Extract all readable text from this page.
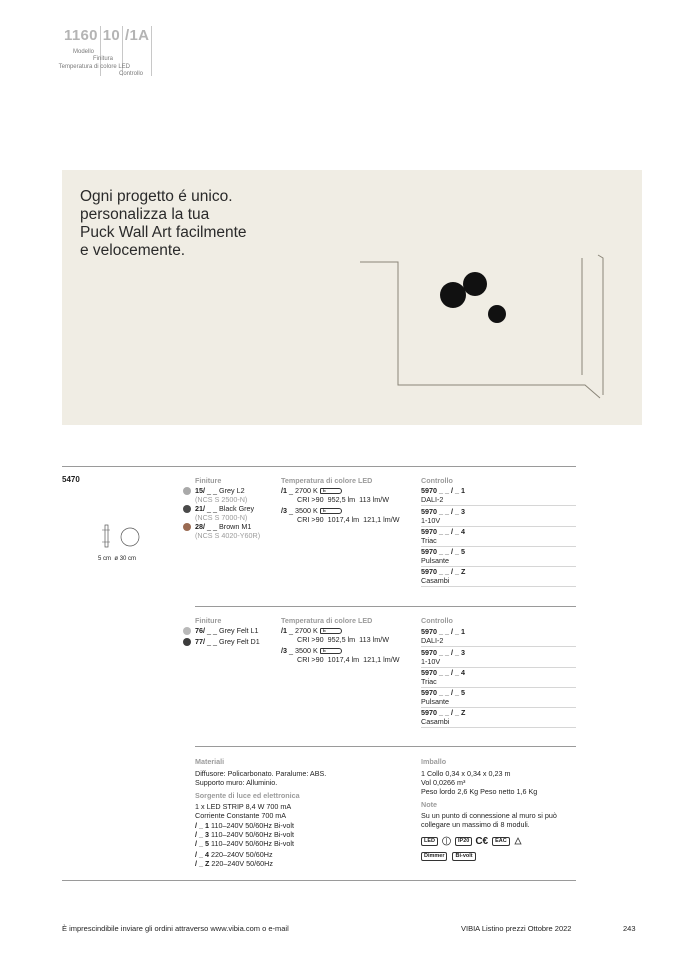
1160 10 /1A
Modello
Finitura
Temperatura di colore LED
Controllo
Ogni progetto é unico.
personalizza la tua
Puck Wall Art facilmente
e velocemente.
5470
5 cm ø 30 cm
Finiture
15/ _ _ Grey L2
(NCS S 2500-N)
21/ _ _ Black Grey
(NCS S 7000-N)
28/ _ _ Brown M1
(NCS S 4020-Y60R)
Temperatura di colore LED
/1 _ 2700 K E
CRI >90 952,5 lm 113 lm/W
/3 _ 3500 K E
CRI >90 1017,4 lm 121,1 lm/W
Controllo
5970 _ _ / _ 1
DALI-2
5970 _ _ / _ 3
1-10V
5970 _ _ / _ 4
Triac
5970 _ _ / _ 5
Pulsante
5970 _ _ / _ Z
Casambi
Finiture
76/ _ _ Grey Felt L1
77/ _ _ Grey Felt D1
Temperatura di colore LED
/1 _ 2700 K E
CRI >90 952,5 lm 113 lm/W
/3 _ 3500 K E
CRI >90 1017,4 lm 121,1 lm/W
Controllo
5970 _ _ / _ 1
DALI-2
5970 _ _ / _ 3
1-10V
5970 _ _ / _ 4
Triac
5970 _ _ / _ 5
Pulsante
5970 _ _ / _ Z
Casambi
Materiali
Diffusore: Policarbonato. Paralume: ABS.
Supporto muro: Alluminio.
Sorgente di luce ed elettronica
1 x LED STRIP 8,4 W 700 mA
Corriente Constante 700 mA
/ _ 1 110–240V 50/60Hz Bi-volt
/ _ 3 110–240V 50/60Hz Bi-volt
/ _ 5 110–240V 50/60Hz Bi-volt
/ _ 4 220–240V 50/60Hz
/ _ Z 220–240V 50/60Hz
Imballo
1 Collo 0,34 x 0,34 x 0,23 m
Vol 0,0266 m³
Peso lordo 2,6 Kg Peso netto 1,6 Kg
Note
Su un punto di connessione al muro si può
collegare un massimo di 8 moduli.
LED	IP20 C€	EAC
Dimmer Bi-volt
È imprescindibile inviare gli ordini attraverso www.vibia.com o e-mail	VIBIA Listino prezzi Ottobre 2022	243
